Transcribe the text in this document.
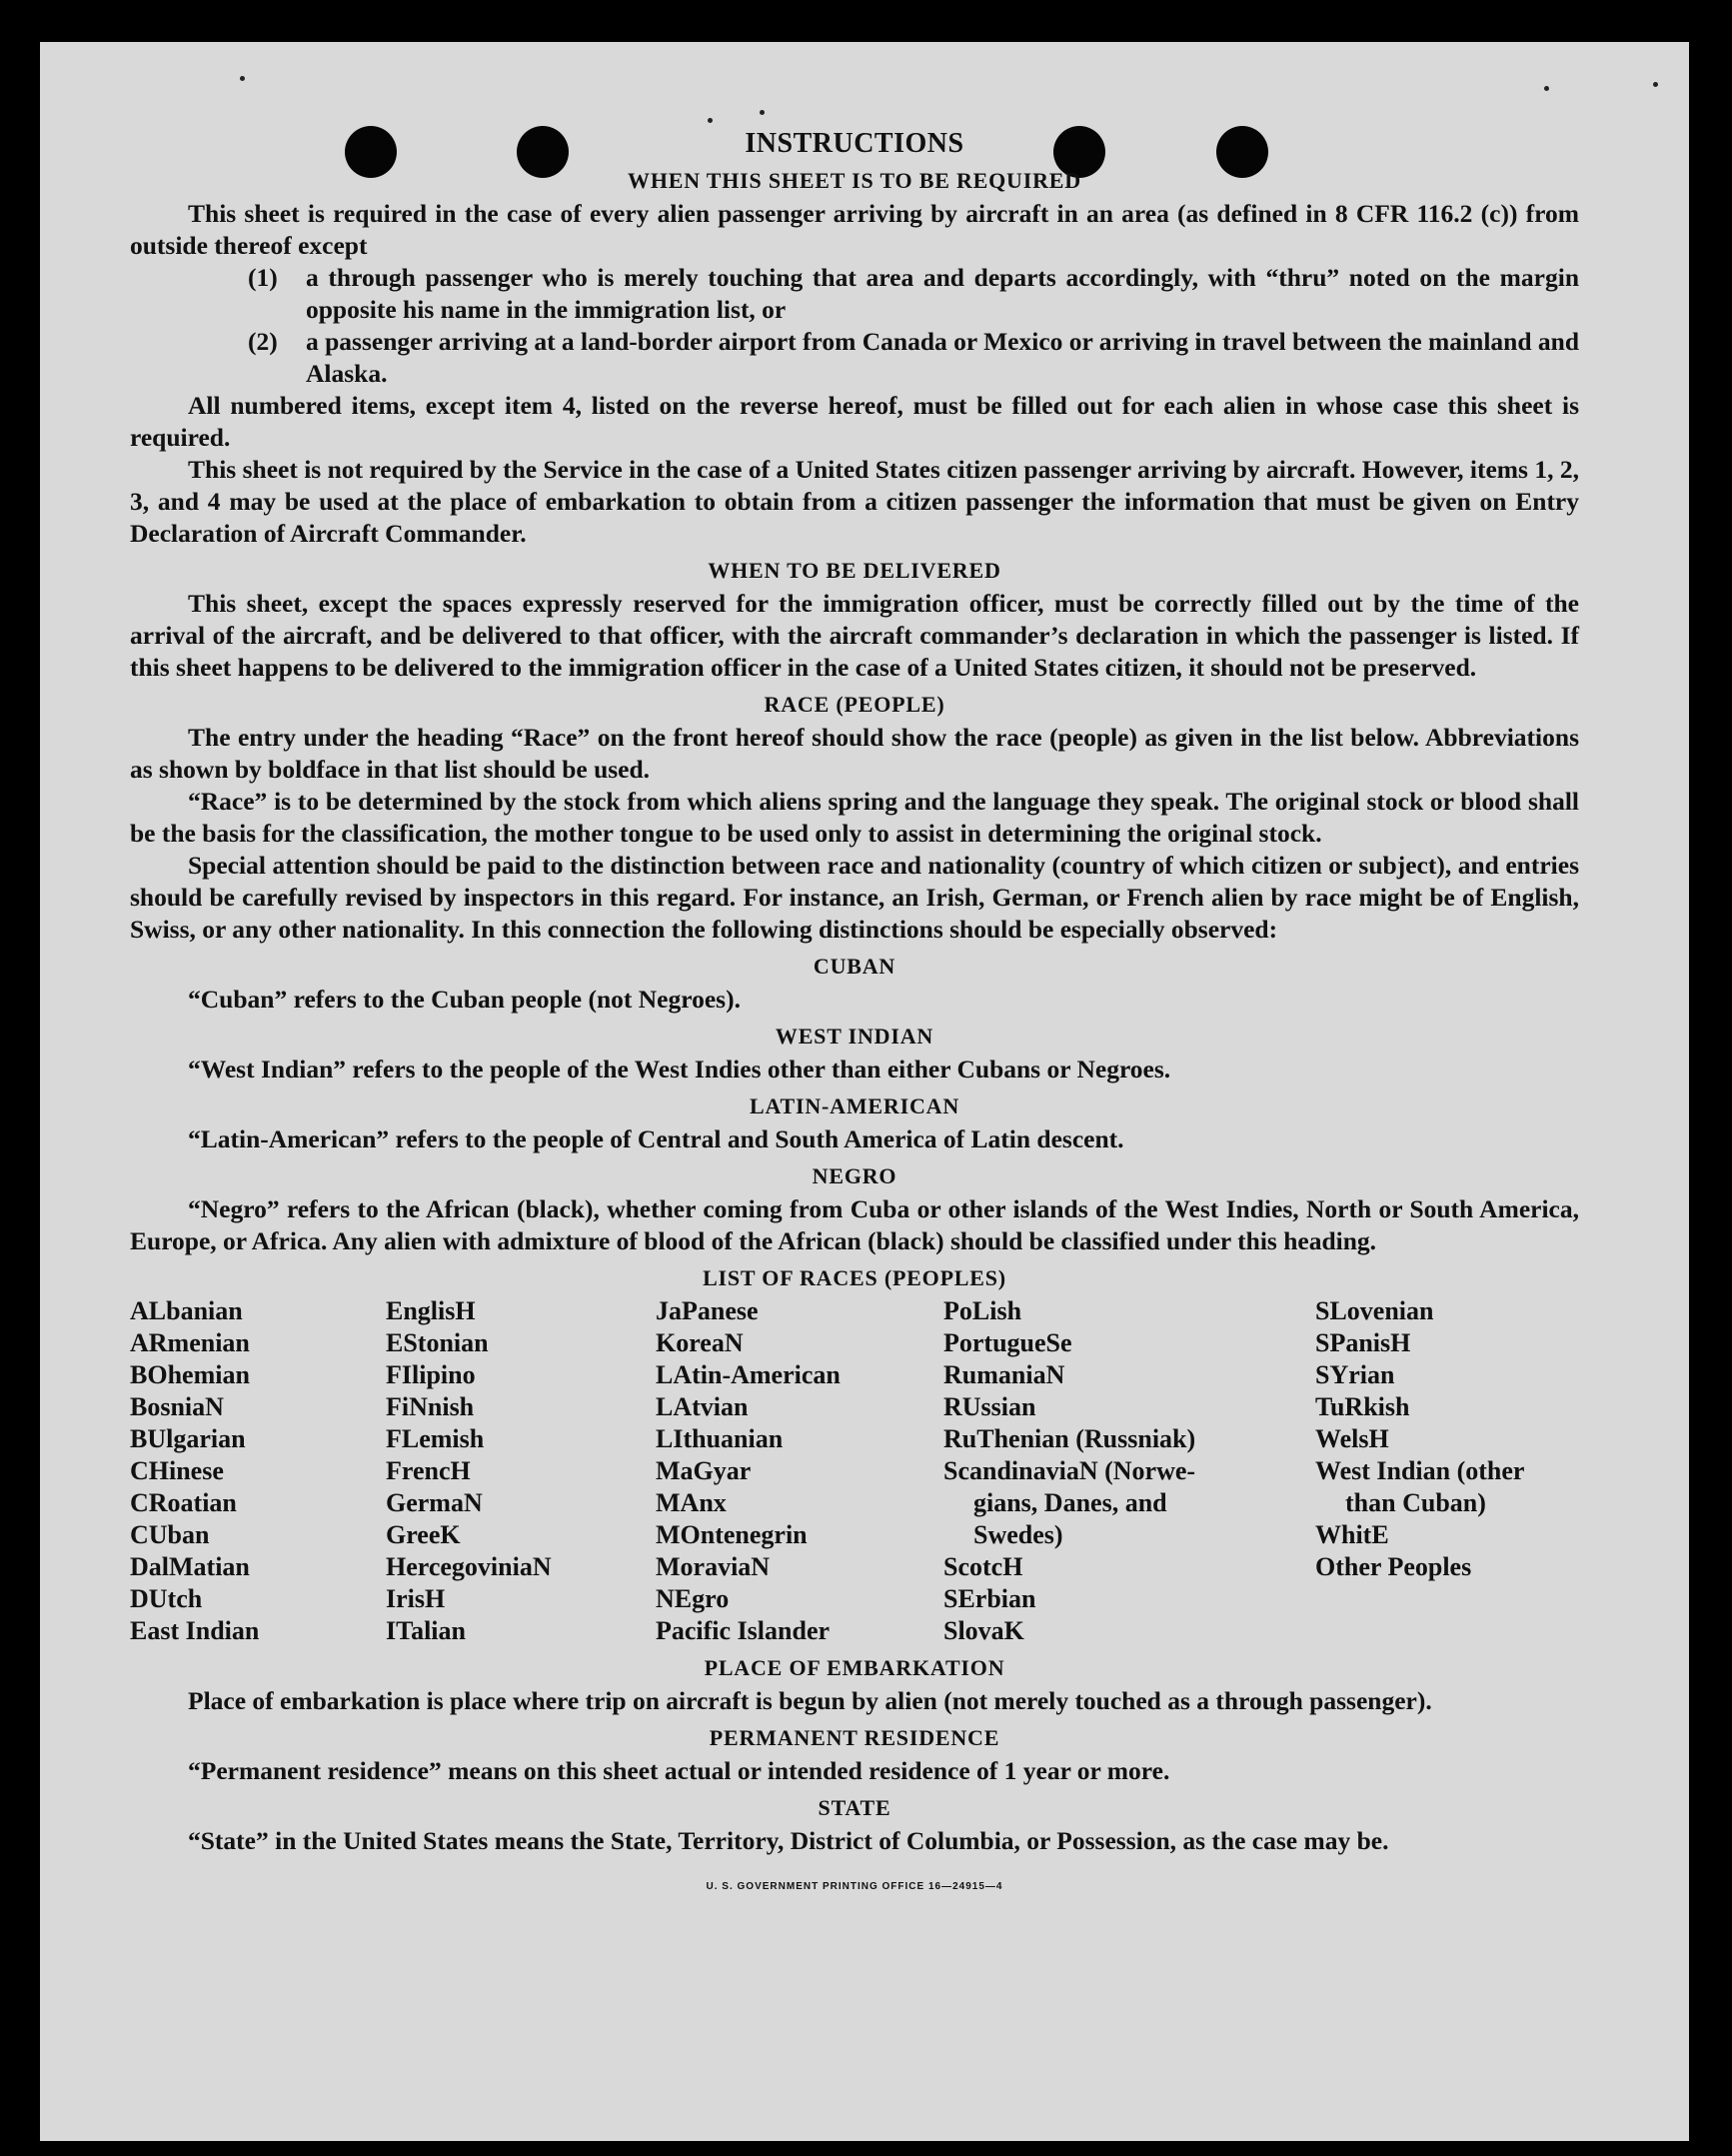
INSTRUCTIONS
WHEN THIS SHEET IS TO BE REQUIRED

This sheet is required in the case of every alien passenger arriving by aircraft in an area (as defined in 8 CFR 116.2 (c)) from outside thereof except

(1)	a through passenger who is merely touching that area and departs accordingly, with “thru” noted on the margin opposite his name in the immigration list, or
(2)	a passenger arriving at a land-border airport from Canada or Mexico or arriving in travel between the mainland and Alaska.

All numbered items, except item 4, listed on the reverse hereof, must be filled out for each alien in whose case this sheet is required.

This sheet is not required by the Service in the case of a United States citizen passenger arriving by aircraft. However, items 1, 2, 3, and 4 may be used at the place of embarkation to obtain from a citizen passenger the information that must be given on Entry Declaration of Aircraft Commander.

WHEN TO BE DELIVERED

This sheet, except the spaces expressly reserved for the immigration officer, must be correctly filled out by the time of the arrival of the aircraft, and be delivered to that officer, with the aircraft commander’s declaration in which the passenger is listed. If this sheet happens to be delivered to the immigration officer in the case of a United States citizen, it should not be preserved.

RACE (PEOPLE)

The entry under the heading “Race” on the front hereof should show the race (people) as given in the list below. Abbreviations as shown by boldface in that list should be used.

“Race” is to be determined by the stock from which aliens spring and the language they speak. The original stock or blood shall be the basis for the classification, the mother tongue to be used only to assist in determining the original stock.

Special attention should be paid to the distinction between race and nationality (country of which citizen or subject), and entries should be carefully revised by inspectors in this regard. For instance, an Irish, German, or French alien by race might be of English, Swiss, or any other nationality. In this connection the following distinctions should be especially observed:

CUBAN

“Cuban” refers to the Cuban people (not Negroes).

WEST INDIAN

“West Indian” refers to the people of the West Indies other than either Cubans or Negroes.

LATIN-AMERICAN

“Latin-American” refers to the people of Central and South America of Latin descent.

NEGRO

“Negro” refers to the African (black), whether coming from Cuba or other islands of the West Indies, North or South America, Europe, or Africa. Any alien with admixture of blood of the African (black) should be classified under this heading.

LIST OF RACES (PEOPLES)
ALbanian
ARmenian
BOhemian
BosniaN
BUlgarian
CHinese
CRoatian
CUban
DalMatian
DUtch
East Indian
EnglisH
EStonian
FIlipino
FiNnish
FLemish
FrencH
GermaN
GreeK
HercegoviniaN
IrisH
ITalian
JaPanese
KoreaN
LAtin-American
LAtvian
LIthuanian
MaGyar
MAnx
MOntenegrin
MoraviaN
NEgro
Pacific Islander
PoLish
PortugueSe
RumaniaN
RUssian
RuThenian (Russniak)
ScandinaviaN (Norwe-
gians, Danes, and
Swedes)
ScotcH
SErbian
SlovaK
SLovenian
SPanisH
SYrian
TuRkish
WelsH
West Indian (other
than Cuban)
WhitE
Other Peoples
PLACE OF EMBARKATION

Place of embarkation is place where trip on aircraft is begun by alien (not merely touched as a through passenger).

PERMANENT RESIDENCE

“Permanent residence” means on this sheet actual or intended residence of 1 year or more.

STATE

“State” in the United States means the State, Territory, District of Columbia, or Possession, as the case may be.

U. S. GOVERNMENT PRINTING OFFICE 16—24915—4
